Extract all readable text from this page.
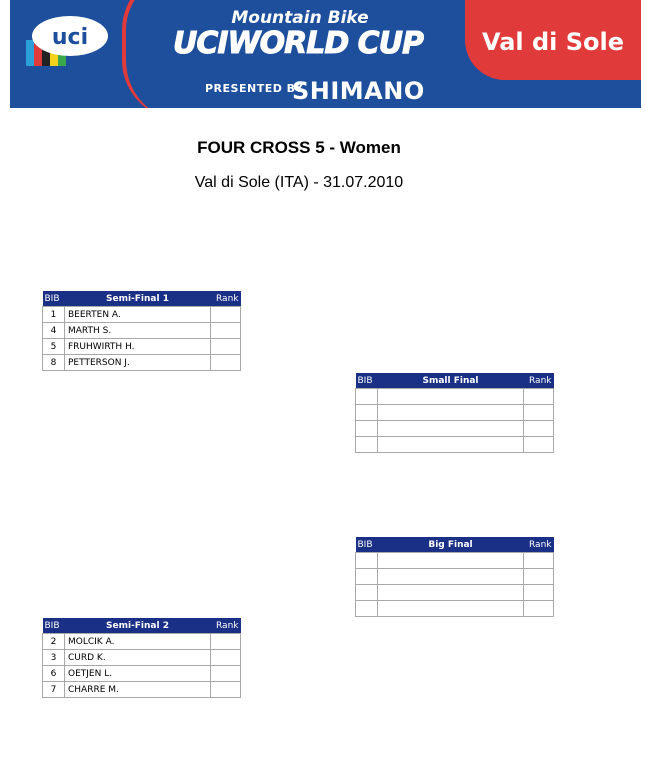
uci
Mountain Bike
UCIWORLD CUP	Val di Sole
PRESENTED BY
SHIMANO
FOUR CROSS 5 - Women
Val di Sole (ITA) - 31.07.2010
BIB	Semi-Final 1	Rank
1	BEERTEN A.	
4	MARTH S.	
5	FRUHWIRTH H.	
8	PETTERSON J.	
BIB	Small Final	Rank

BIB	Big Final	Rank

BIB	Semi-Final 2	Rank
2	MOLCIK A.	
3	CURD K.	
6	OETJEN L.	
7	CHARRE M.	
